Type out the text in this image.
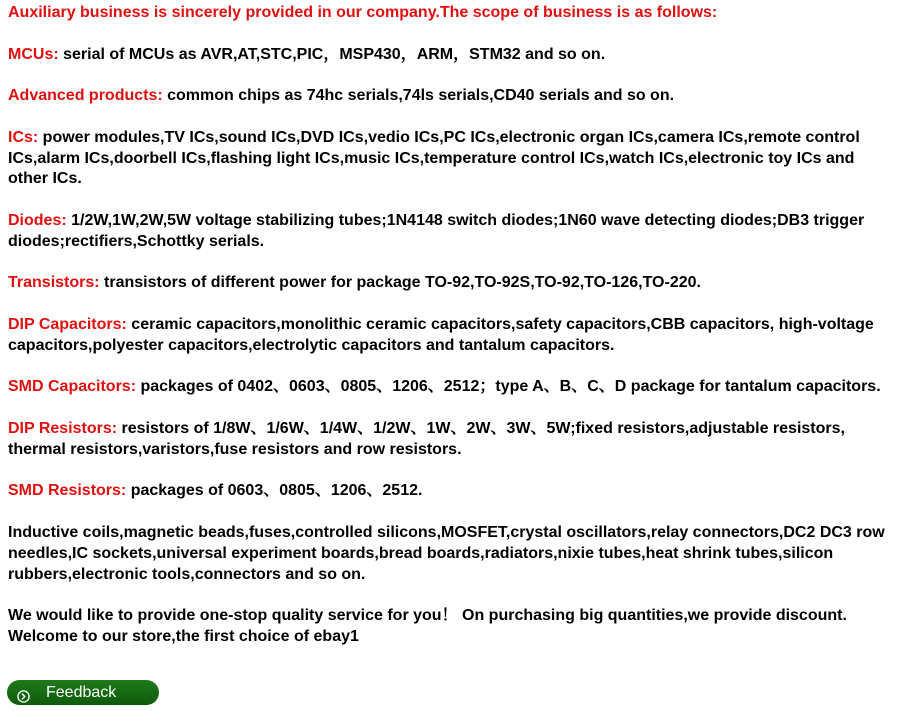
Auxiliary business is sincerely provided in our company.The scope of business is as follows:

MCUs: serial of MCUs as AVR,AT,STC,PIC，MSP430，ARM，STM32 and so on.

Advanced products: common chips as 74hc serials,74ls serials,CD40 serials and so on.

ICs: power modules,TV ICs,sound ICs,DVD ICs,vedio ICs,PC ICs,electronic organ ICs,camera ICs,remote control ICs,alarm ICs,doorbell ICs,flashing light ICs,music ICs,temperature control ICs,watch ICs,electronic toy ICs and other ICs.

Diodes: 1/2W,1W,2W,5W voltage stabilizing tubes;1N4148 switch diodes;1N60 wave detecting diodes;DB3 trigger diodes;rectifiers,Schottky serials.

Transistors: transistors of different power for package TO-92,TO-92S,TO-92,TO-126,TO-220.

DIP Capacitors: ceramic capacitors,monolithic ceramic capacitors,safety capacitors,CBB capacitors, high-voltage capacitors,polyester capacitors,electrolytic capacitors and tantalum capacitors.

SMD Capacitors: packages of 0402、0603、0805、1206、2512；type A、B、C、D package for tantalum capacitors.

DIP Resistors: resistors of 1/8W、1/6W、1/4W、1/2W、1W、2W、3W、5W;fixed resistors,adjustable resistors, thermal resistors,varistors,fuse resistors and row resistors.

SMD Resistors: packages of 0603、0805、1206、2512.

Inductive coils,magnetic beads,fuses,controlled silicons,MOSFET,crystal oscillators,relay connectors,DC2 DC3 row needles,IC sockets,universal experiment boards,bread boards,radiators,nixie tubes,heat shrink tubes,silicon rubbers,electronic tools,connectors and so on.

We would like to provide one-stop quality service for you！ On purchasing big quantities,we provide discount.
Welcome to our store,the first choice of ebay1

Feedback
